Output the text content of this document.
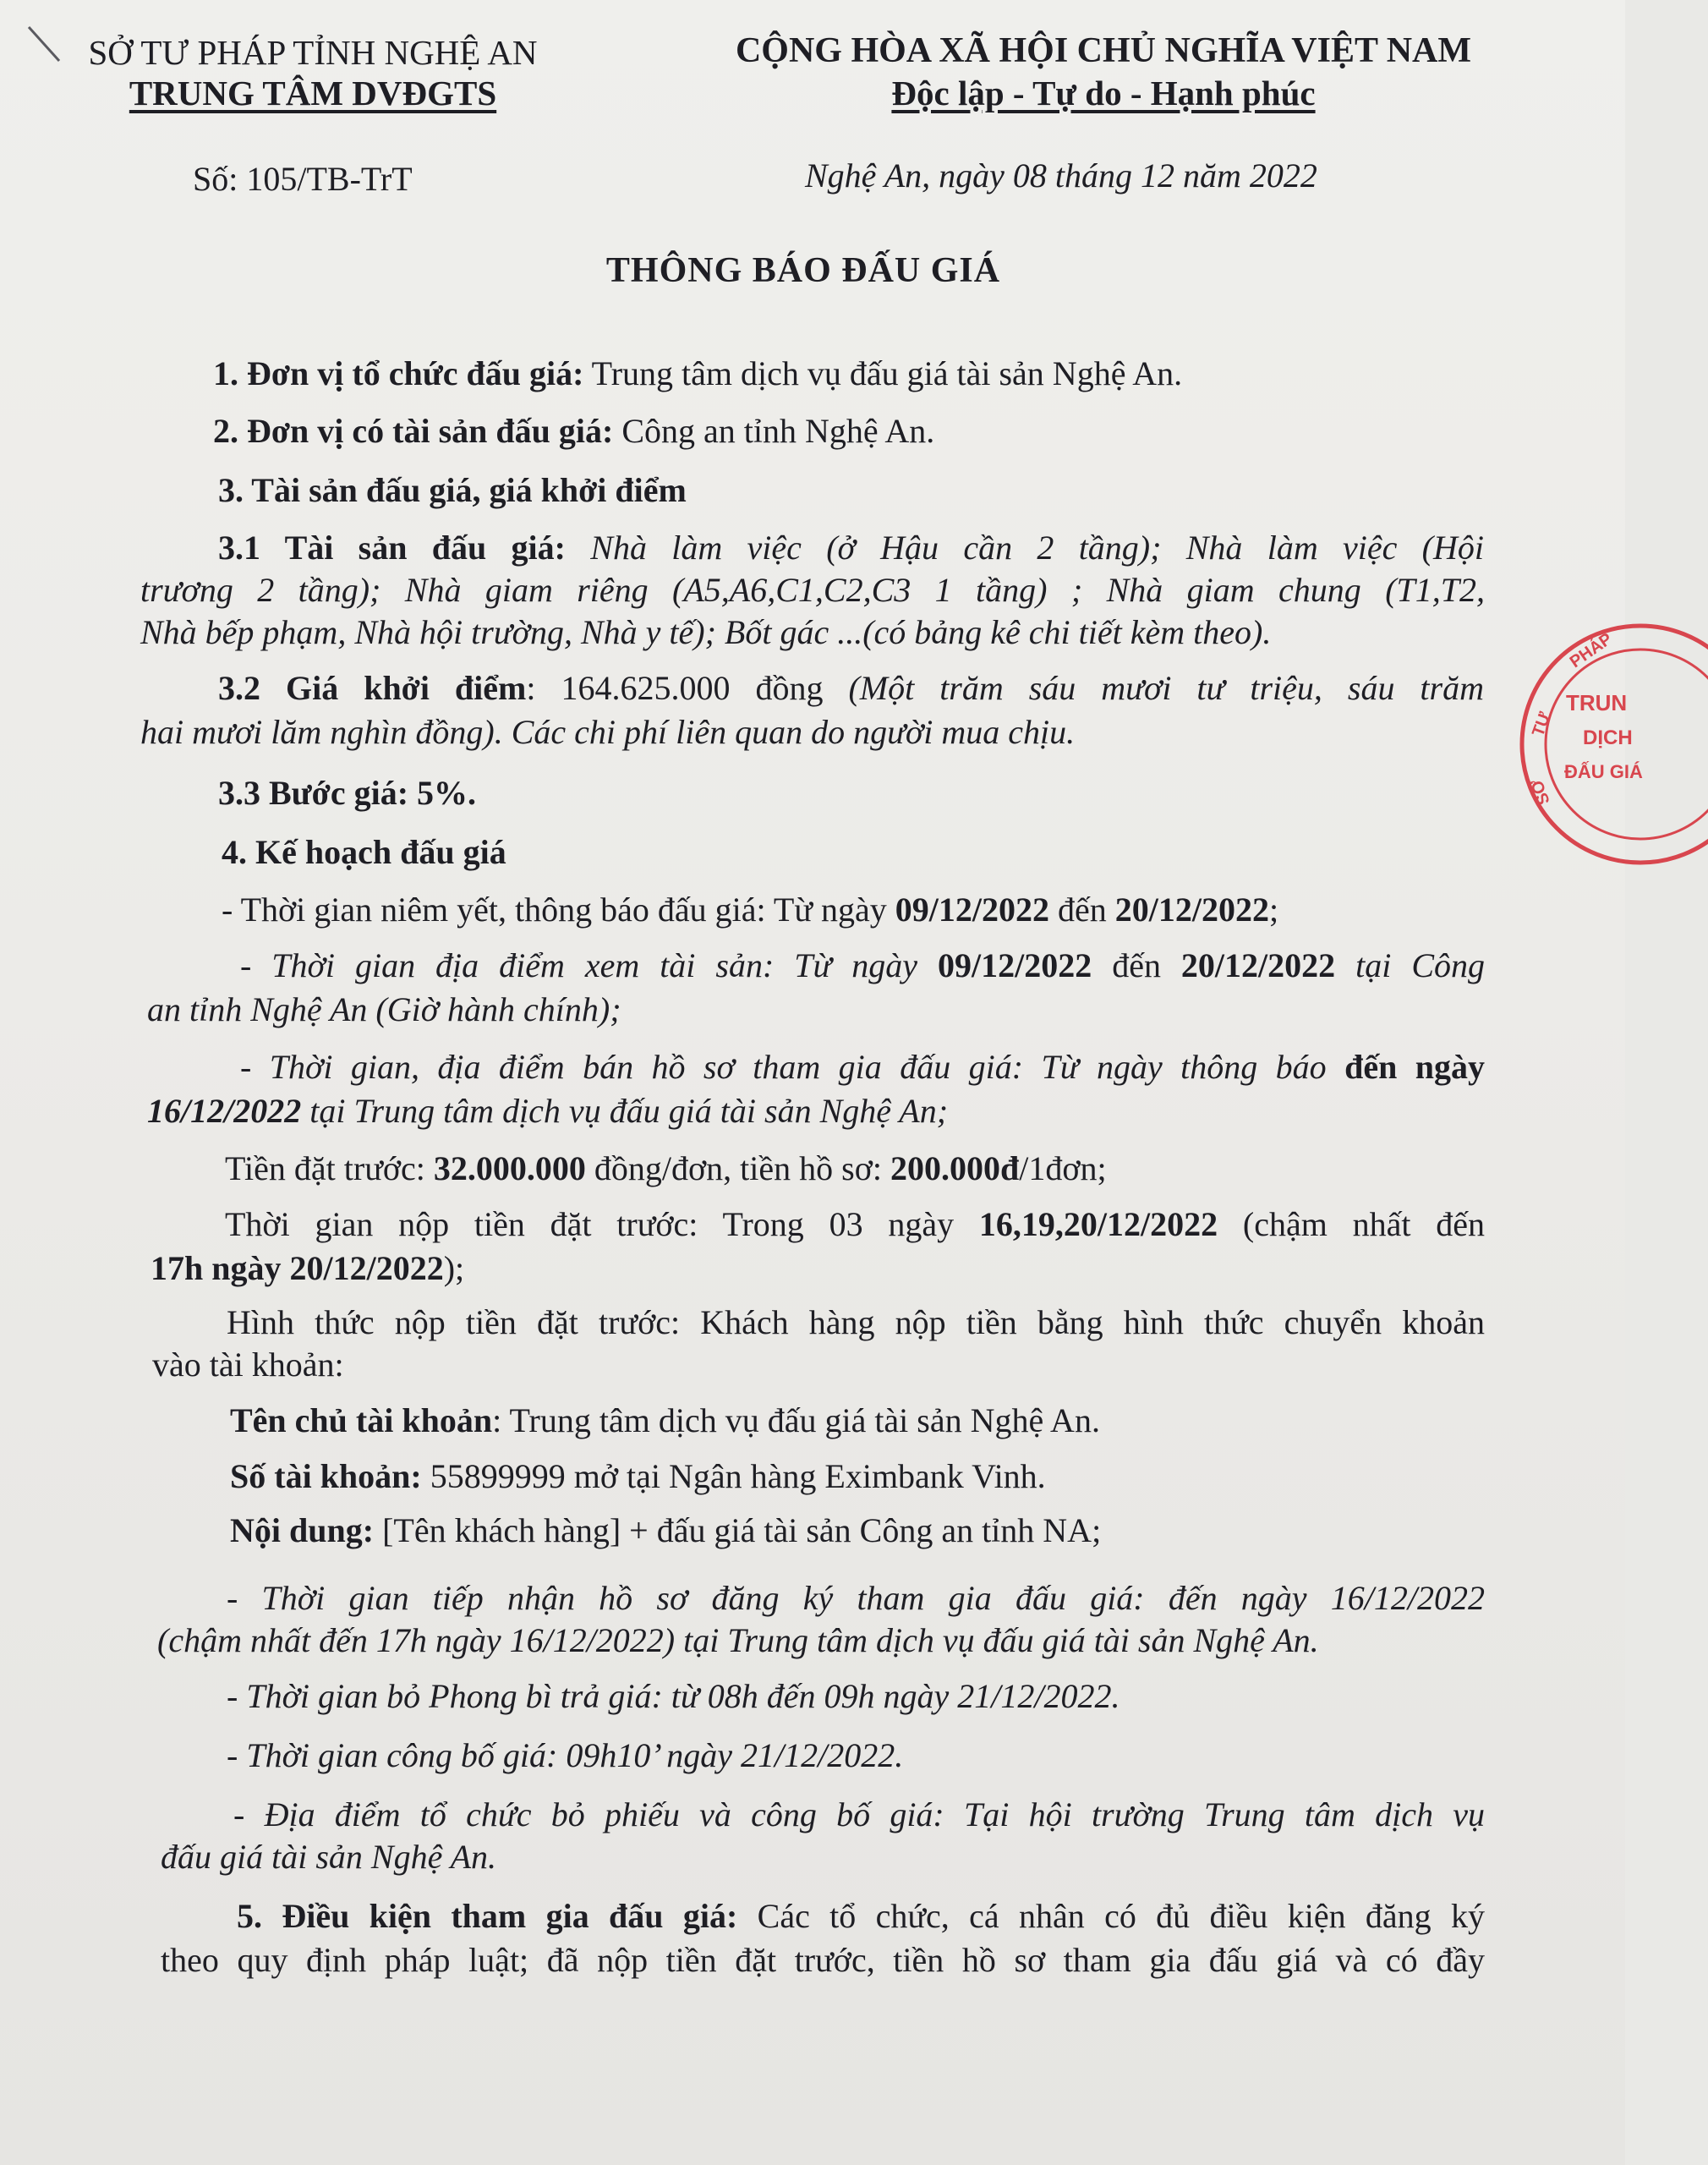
SỞ TƯ PHÁP TỈNH NGHỆ AN
TRUNG TÂM DVĐGTS
CỘNG HÒA XÃ HỘI CHỦ NGHĨA VIỆT NAM
Độc lập - Tự do - Hạnh phúc
Số: 105/TB-TrT	Nghệ An, ngày 08 tháng 12 năm 2022
THÔNG BÁO ĐẤU GIÁ
1. Đơn vị tổ chức đấu giá: Trung tâm dịch vụ đấu giá tài sản Nghệ An.
2. Đơn vị có tài sản đấu giá: Công an tỉnh Nghệ An.
3. Tài sản đấu giá, giá khởi điểm
3.1 Tài sản đấu giá: Nhà làm việc (ở Hậu cần 2 tầng); Nhà làm việc (Hội
trương 2 tầng); Nhà giam riêng (A5,A6,C1,C2,C3 1 tầng) ; Nhà giam chung (T1,T2,
Nhà bếp phạm, Nhà hội trường, Nhà y tế); Bốt gác ...(có bảng kê chi tiết kèm theo).
3.2 Giá khởi điểm: 164.625.000 đồng (Một trăm sáu mươi tư triệu, sáu trăm
hai mươi lăm nghìn đồng). Các chi phí liên quan do người mua chịu.
3.3 Bước giá: 5%.
4. Kế hoạch đấu giá
- Thời gian niêm yết, thông báo đấu giá: Từ ngày 09/12/2022 đến 20/12/2022;
- Thời gian địa điểm xem tài sản: Từ ngày 09/12/2022 đến 20/12/2022 tại Công
an tỉnh Nghệ An (Giờ hành chính);
- Thời gian, địa điểm bán hồ sơ tham gia đấu giá: Từ ngày thông báo đến ngày
16/12/2022 tại Trung tâm dịch vụ đấu giá tài sản Nghệ An;
Tiền đặt trước: 32.000.000 đồng/đơn, tiền hồ sơ: 200.000đ/1đơn;
Thời gian nộp tiền đặt trước: Trong 03 ngày 16,19,20/12/2022 (chậm nhất đến
17h ngày 20/12/2022);
Hình thức nộp tiền đặt trước: Khách hàng nộp tiền bằng hình thức chuyển khoản
vào tài khoản:
Tên chủ tài khoản: Trung tâm dịch vụ đấu giá tài sản Nghệ An.
Số tài khoản: 55899999 mở tại Ngân hàng Eximbank Vinh.
Nội dung: [Tên khách hàng] + đấu giá tài sản Công an tỉnh NA;
- Thời gian tiếp nhận hồ sơ đăng ký tham gia đấu giá: đến ngày 16/12/2022
(chậm nhất đến 17h ngày 16/12/2022) tại Trung tâm dịch vụ đấu giá tài sản Nghệ An.
- Thời gian bỏ Phong bì trả giá: từ 08h đến 09h ngày 21/12/2022.
- Thời gian công bố giá: 09h10’ ngày 21/12/2022.
- Địa điểm tổ chức bỏ phiếu và công bố giá: Tại hội trường Trung tâm dịch vụ
đấu giá tài sản Nghệ An.
5. Điều kiện tham gia đấu giá: Các tổ chức, cá nhân có đủ điều kiện đăng ký
theo quy định pháp luật; đã nộp tiền đặt trước, tiền hồ sơ tham gia đấu giá và có đầy
PHÁP
TƯ
SỞ
TRUN
DỊCH
ĐẤU GIÁ
